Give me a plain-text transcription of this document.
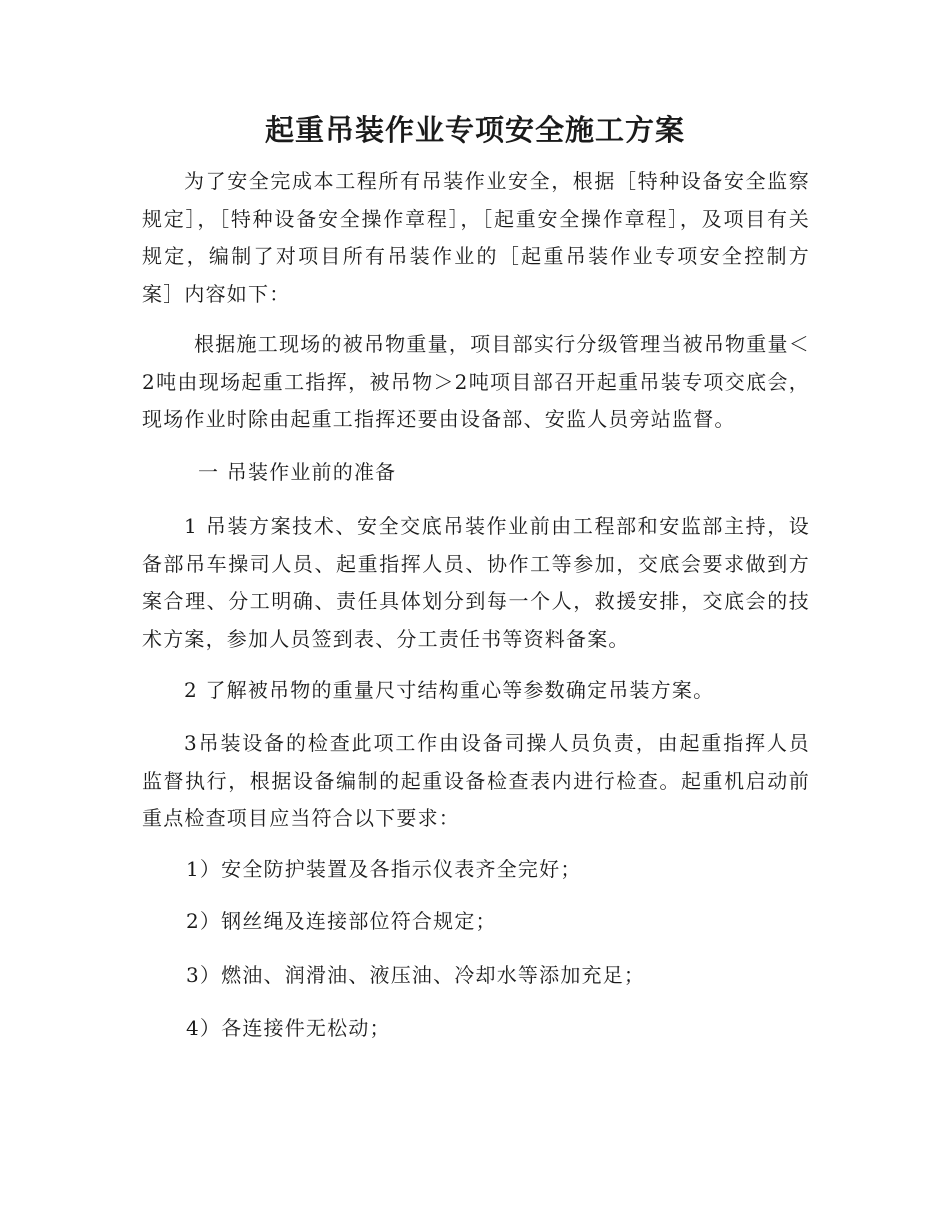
起重吊装作业专项安全施工方案
为了安全完成本工程所有吊装作业安全，根据［特种设备安全监察规定］，［特种设备安全操作章程］，［起重安全操作章程］，及项目有关规定，编制了对项目所有吊装作业的［起重吊装作业专项安全控制方案］内容如下：
根据施工现场的被吊物重量，项目部实行分级管理当被吊物重量＜2吨由现场起重工指挥，被吊物＞2吨项目部召开起重吊装专项交底会，现场作业时除由起重工指挥还要由设备部、安监人员旁站监督。
一 吊装作业前的准备
1 吊装方案技术、安全交底吊装作业前由工程部和安监部主持，设备部吊车操司人员、起重指挥人员、协作工等参加，交底会要求做到方案合理、分工明确、责任具体划分到每一个人，救援安排，交底会的技术方案，参加人员签到表、分工责任书等资料备案。
2 了解被吊物的重量尺寸结构重心等参数确定吊装方案。
3吊装设备的检查此项工作由设备司操人员负责，由起重指挥人员监督执行，根据设备编制的起重设备检查表内进行检查。起重机启动前重点检查项目应当符合以下要求：
1）安全防护装置及各指示仪表齐全完好；
2）钢丝绳及连接部位符合规定；
3）燃油、润滑油、液压油、冷却水等添加充足；
4）各连接件无松动；
